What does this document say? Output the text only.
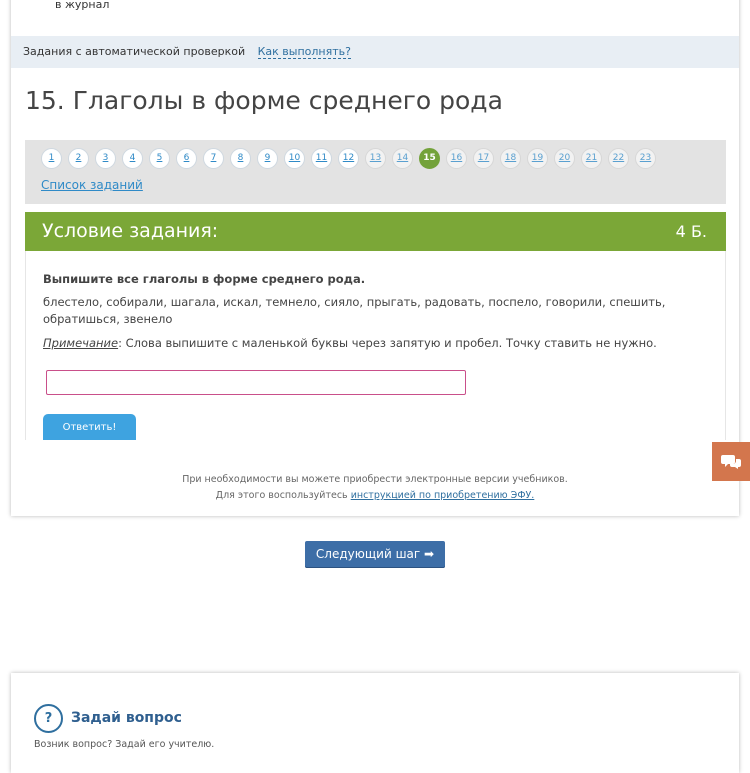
в журнал
Задания с автоматической проверкой Как выполнять?
15. Глаголы в форме среднего рода
1	2	3	4	5	6	7	8	9	10	11	12	13	14	15	16	17	18	19	20	21	22	23
Список заданий
Условие задания:	4 Б.
Выпишите все глаголы в форме среднего рода.
блестело, собирали, шагала, искал, темнело, сияло, прыгать, радовать, поспело, говорили, спешить, обратишься, звенело
Примечание: Слова выпишите с маленькой буквы через запятую и пробел. Точку ставить не нужно.
Ответить!
При необходимости вы можете приобрести электронные версии учебников.
Для этого воспользуйтесь инструкцией по приобретению ЭФУ.
Следующий шаг ➡
?	Задай вопрос
Возник вопрос? Задай его учителю.
